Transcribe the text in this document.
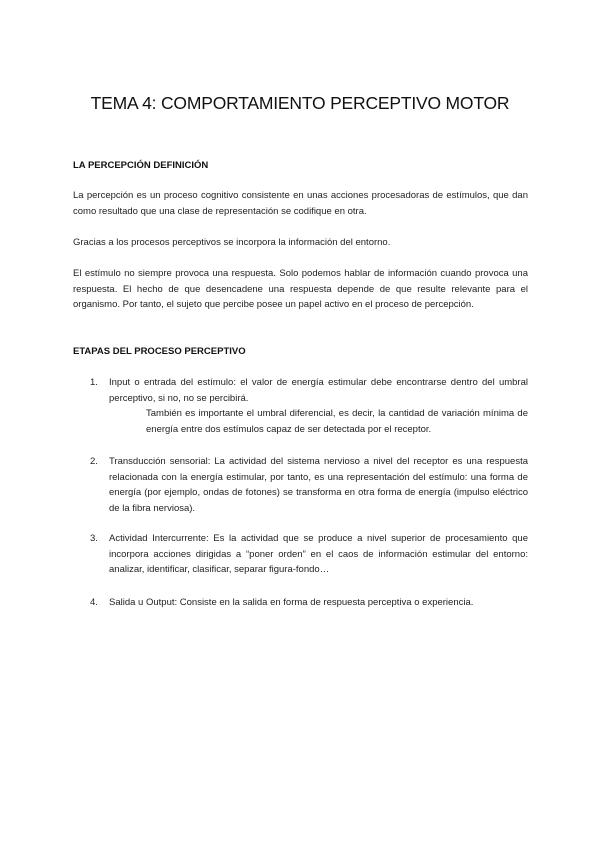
TEMA 4: COMPORTAMIENTO PERCEPTIVO MOTOR
LA PERCEPCIÓN DEFINICIÓN
La percepción es un proceso cognitivo consistente en unas acciones procesadoras de estímulos, que dan como resultado que una clase de representación se codifique en otra.
Gracias a los procesos perceptivos se incorpora la información del entorno.
El estímulo no siempre provoca una respuesta. Solo podemos hablar de información cuando provoca una respuesta. El hecho de que desencadene una respuesta depende de que resulte relevante para el organismo. Por tanto, el sujeto que percibe posee un papel activo en el proceso de percepción.
ETAPAS DEL PROCESO PERCEPTIVO
1.	Input o entrada del estímulo: el valor de energía estimular debe encontrarse dentro del umbral perceptivo, si no, no se percibirá.
También es importante el umbral diferencial, es decir, la cantidad de variación mínima de energía entre dos estímulos capaz de ser detectada por el receptor.
2.	Transducción sensorial: La actividad del sistema nervioso a nivel del receptor es una respuesta relacionada con la energía estimular, por tanto, es una representación del estímulo: una forma de energía (por ejemplo, ondas de fotones) se transforma en otra forma de energía (impulso eléctrico de la fibra nerviosa).
3.	Actividad Intercurrente: Es la actividad que se produce a nivel superior de procesamiento que incorpora acciones dirigidas a “poner orden” en el caos de información estimular del entorno: analizar, identificar, clasificar, separar figura-fondo…
4.	Salida u Output: Consiste en la salida en forma de respuesta perceptiva o experiencia.
